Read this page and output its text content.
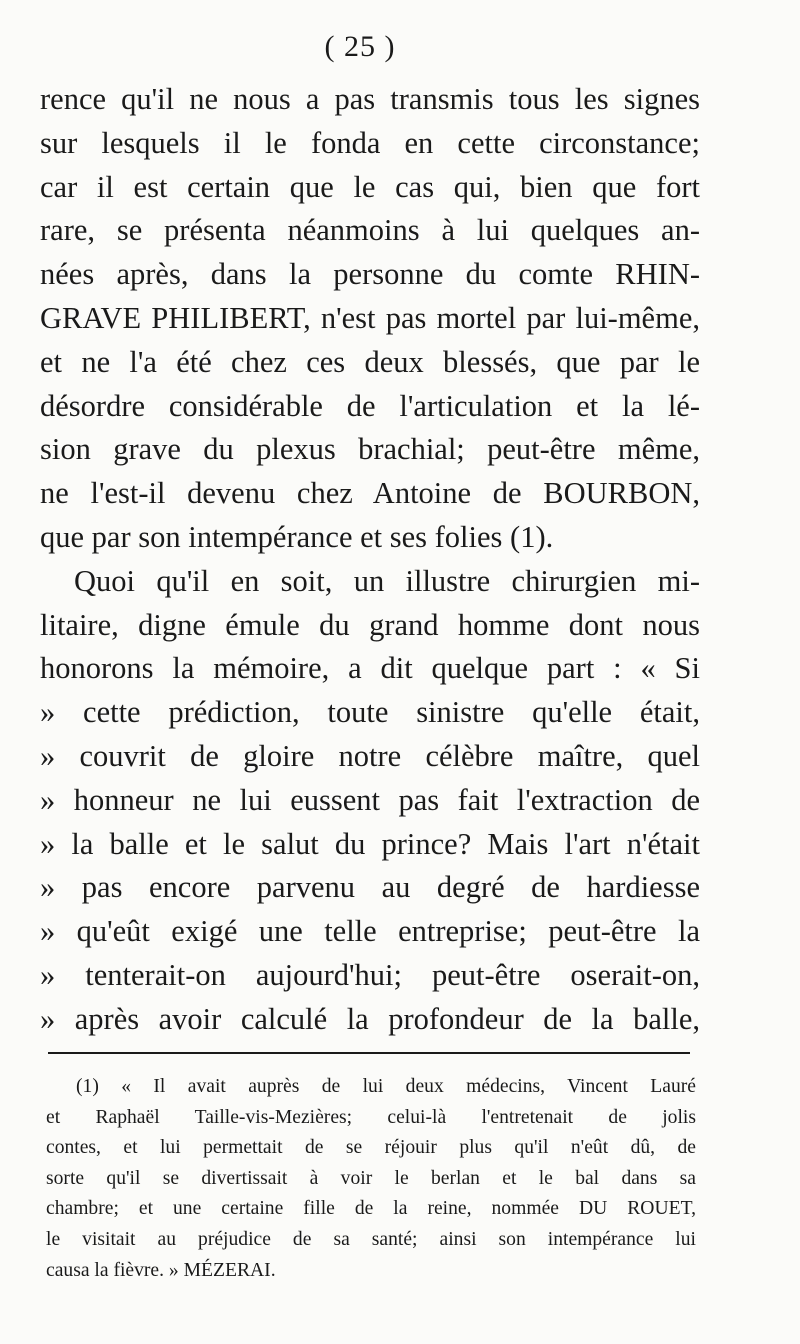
( 25 )
rence qu'il ne nous a pas transmis tous les signes
sur lesquels il le fonda en cette circonstance;
car il est certain que le cas qui, bien que fort
rare, se présenta néanmoins à lui quelques an-
nées après, dans la personne du comte RHIN-
GRAVE PHILIBERT, n'est pas mortel par lui-même,
et ne l'a été chez ces deux blessés, que par le
désordre considérable de l'articulation et la lé-
sion grave du plexus brachial; peut-être même,
ne l'est-il devenu chez Antoine de BOURBON,
que par son intempérance et ses folies (1).
Quoi qu'il en soit, un illustre chirurgien mi-
litaire, digne émule du grand homme dont nous
honorons la mémoire, a dit quelque part : « Si
» cette prédiction, toute sinistre qu'elle était,
» couvrit de gloire notre célèbre maître, quel
» honneur ne lui eussent pas fait l'extraction de
» la balle et le salut du prince? Mais l'art n'était
» pas encore parvenu au degré de hardiesse
» qu'eût exigé une telle entreprise; peut-être la
» tenterait-on aujourd'hui; peut-être oserait-on,
» après avoir calculé la profondeur de la balle,
(1) « Il avait auprès de lui deux médecins, Vincent Lauré
et Raphaël Taille-vis-Mezières; celui-là l'entretenait de jolis
contes, et lui permettait de se réjouir plus qu'il n'eût dû, de
sorte qu'il se divertissait à voir le berlan et le bal dans sa
chambre; et une certaine fille de la reine, nommée DU ROUET,
le visitait au préjudice de sa santé; ainsi son intempérance lui
causa la fièvre. » MÉZERAI.
